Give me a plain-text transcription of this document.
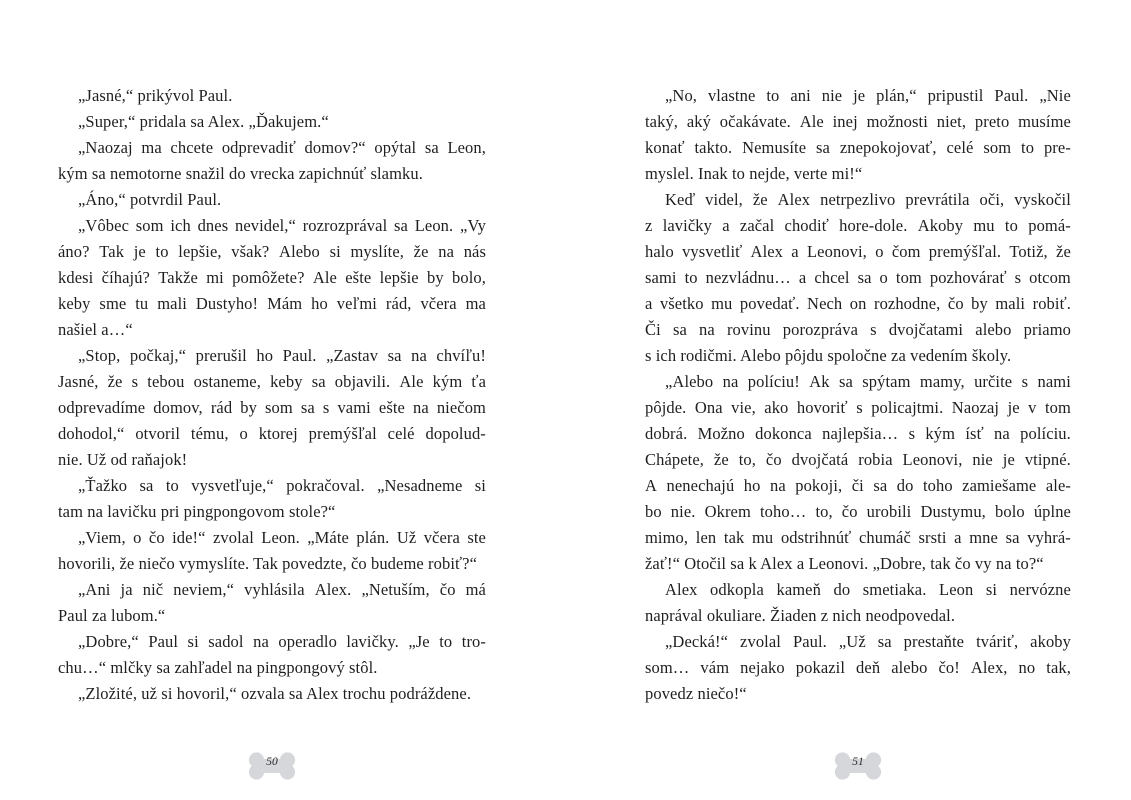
„Jasné,“ prikývol Paul.
„Super,“ pridala sa Alex. „Ďakujem.“
„Naozaj ma chcete odprevadiť domov?“ opýtal sa Leon,
kým sa nemotorne snažil do vrecka zapichnúť slamku.
„Áno,“ potvrdil Paul.
„Vôbec som ich dnes nevidel,“ rozrozprával sa Leon. „Vy
áno? Tak je to lepšie, však? Alebo si myslíte, že na nás
kdesi číhajú? Takže mi pomôžete? Ale ešte lepšie by bolo,
keby sme tu mali Dustyho! Mám ho veľmi rád, včera ma
našiel a…“
„Stop, počkaj,“ prerušil ho Paul. „Zastav sa na chvíľu!
Jasné, že s tebou ostaneme, keby sa objavili. Ale kým ťa
odprevadíme domov, rád by som sa s vami ešte na niečom
dohodol,“ otvoril tému, o ktorej premýšľal celé dopolud-
nie. Už od raňajok!
„Ťažko sa to vysvetľuje,“ pokračoval. „Nesadneme si
tam na lavičku pri pingpongovom stole?“
„Viem, o čo ide!“ zvolal Leon. „Máte plán. Už včera ste
hovorili, že niečo vymyslíte. Tak povedzte, čo budeme robiť?“
„Ani ja nič neviem,“ vyhlásila Alex. „Netuším, čo má
Paul za lubom.“
„Dobre,“ Paul si sadol na operadlo lavičky. „Je to tro-
chu…“ mlčky sa zahľadel na pingpongový stôl.
„Zložité, už si hovoril,“ ozvala sa Alex trochu podráždene.
„No, vlastne to ani nie je plán,“ pripustil Paul. „Nie
taký, aký očakávate. Ale inej možnosti niet, preto musíme
konať takto. Nemusíte sa znepokojovať, celé som to pre-
myslel. Inak to nejde, verte mi!“
Keď videl, že Alex netrpezlivo prevrátila oči, vyskočil
z lavičky a začal chodiť hore-dole. Akoby mu to pomá-
halo vysvetliť Alex a Leonovi, o čom premýšľal. Totiž, že
sami to nezvládnu… a chcel sa o tom pozhovárať s otcom
a všetko mu povedať. Nech on rozhodne, čo by mali robiť.
Či sa na rovinu porozpráva s dvojčatami alebo priamo
s ich rodičmi. Alebo pôjdu spoločne za vedením školy.
„Alebo na políciu! Ak sa spýtam mamy, určite s nami
pôjde. Ona vie, ako hovoriť s policajtmi. Naozaj je v tom
dobrá. Možno dokonca najlepšia… s kým ísť na políciu.
Chápete, že to, čo dvojčatá robia Leonovi, nie je vtipné.
A nenechajú ho na pokoji, či sa do toho zamiešame ale-
bo nie. Okrem toho… to, čo urobili Dustymu, bolo úplne
mimo, len tak mu odstrihnúť chumáč srsti a mne sa vyhrá-
žať!“ Otočil sa k Alex a Leonovi. „Dobre, tak čo vy na to?“
Alex odkopla kameň do smetiaka. Leon si nervózne
naprával okuliare. Žiaden z nich neodpovedal.
„Decká!“ zvolal Paul. „Už sa prestaňte tváriť, akoby
som… vám nejako pokazil deň alebo čo! Alex, no tak,
povedz niečo!“
50	51
